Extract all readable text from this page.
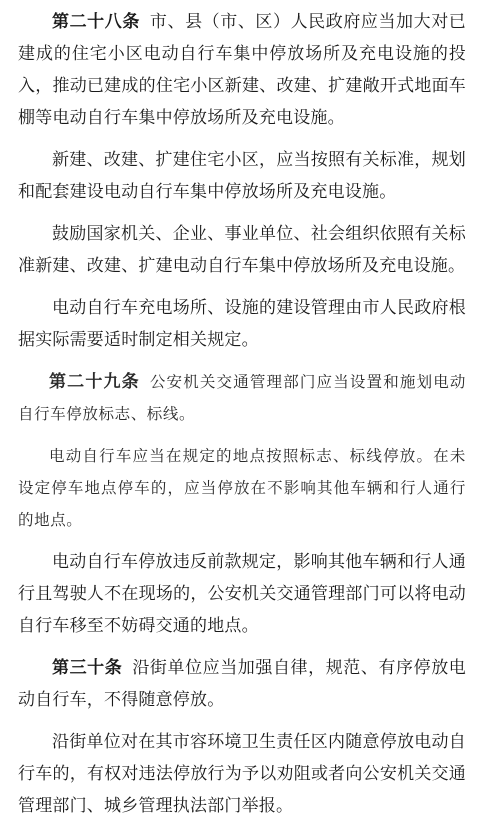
第二十八条 市、县（市、区）人民政府应当加大对已建成的住宅小区电动自行车集中停放场所及充电设施的投入，推动已建成的住宅小区新建、改建、扩建敞开式地面车棚等电动自行车集中停放场所及充电设施。

新建、改建、扩建住宅小区，应当按照有关标准，规划和配套建设电动自行车集中停放场所及充电设施。

鼓励国家机关、企业、事业单位、社会组织依照有关标准新建、改建、扩建电动自行车集中停放场所及充电设施。

电动自行车充电场所、设施的建设管理由市人民政府根据实际需要适时制定相关规定。

第二十九条 公安机关交通管理部门应当设置和施划电动自行车停放标志、标线。

电动自行车应当在规定的地点按照标志、标线停放。在未设定停车地点停车的，应当停放在不影响其他车辆和行人通行的地点。

电动自行车停放违反前款规定，影响其他车辆和行人通行且驾驶人不在现场的，公安机关交通管理部门可以将电动自行车移至不妨碍交通的地点。

第三十条 沿街单位应当加强自律，规范、有序停放电动自行车，不得随意停放。

沿街单位对在其市容环境卫生责任区内随意停放电动自行车的，有权对违法停放行为予以劝阻或者向公安机关交通管理部门、城乡管理执法部门举报。
